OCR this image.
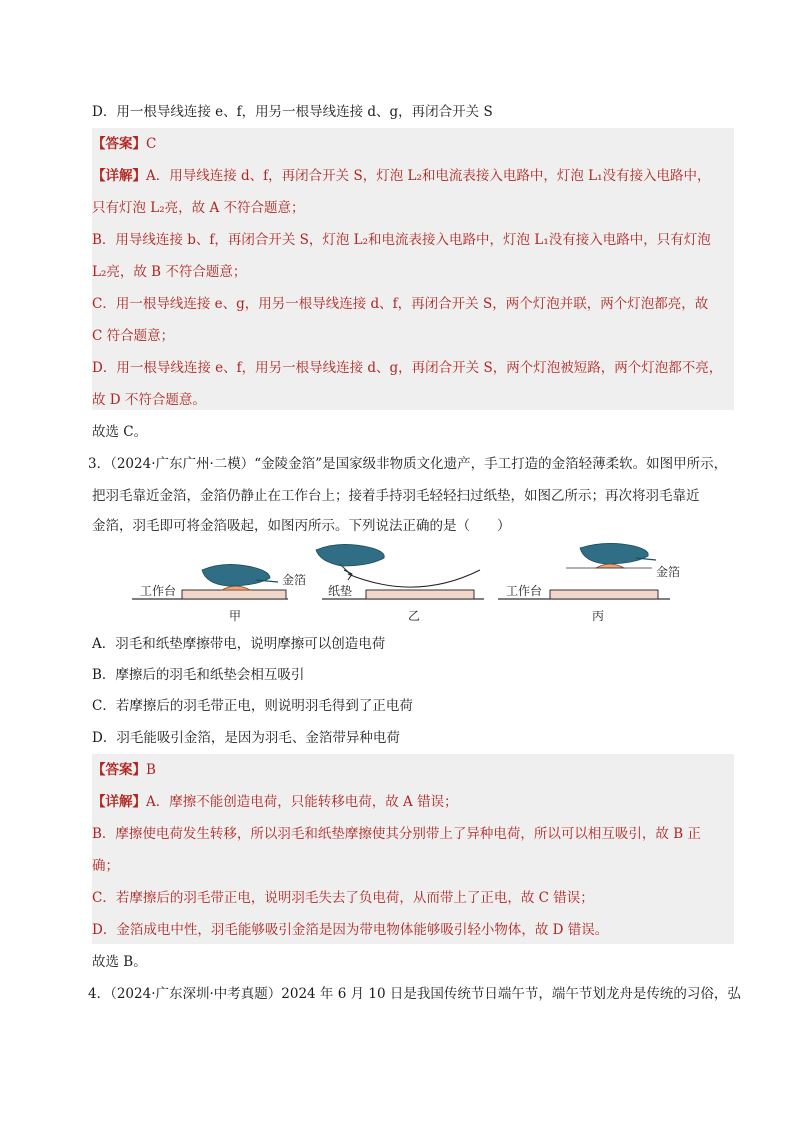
D．用一根导线连接 e、f，用另一根导线连接 d、g，再闭合开关 S
【答案】C
【详解】A．用导线连接 d、f，再闭合开关 S，灯泡 L₂和电流表接入电路中，灯泡 L₁没有接入电路中，
只有灯泡 L₂亮，故 A 不符合题意；
B．用导线连接 b、f，再闭合开关 S，灯泡 L₂和电流表接入电路中，灯泡 L₁没有接入电路中，只有灯泡
L₂亮，故 B 不符合题意；
C．用一根导线连接 e、g，用另一根导线连接 d、f，再闭合开关 S，两个灯泡并联，两个灯泡都亮，故
C 符合题意；
D．用一根导线连接 e、f，用另一根导线连接 d、g，再闭合开关 S，两个灯泡被短路，两个灯泡都不亮，
故 D 不符合题意。
故选 C。
3．（2024·广东广州·二模）“金陵金箔”是国家级非物质文化遗产，手工打造的金箔轻薄柔软。如图甲所示，
把羽毛靠近金箔，金箔仍静止在工作台上；接着手持羽毛轻轻扫过纸垫，如图乙所示；再次将羽毛靠近
金箔，羽毛即可将金箔吸起，如图丙所示。下列说法正确的是（　　）
工作台
金箔
甲
纸垫
乙
工作台
金箔
丙
A．羽毛和纸垫摩擦带电，说明摩擦可以创造电荷
B．摩擦后的羽毛和纸垫会相互吸引
C．若摩擦后的羽毛带正电，则说明羽毛得到了正电荷
D．羽毛能吸引金箔，是因为羽毛、金箔带异种电荷
【答案】B
【详解】A．摩擦不能创造电荷，只能转移电荷，故 A 错误；
B．摩擦使电荷发生转移，所以羽毛和纸垫摩擦使其分别带上了异种电荷，所以可以相互吸引，故 B 正
确；
C．若摩擦后的羽毛带正电，说明羽毛失去了负电荷，从而带上了正电，故 C 错误；
D．金箔成电中性，羽毛能够吸引金箔是因为带电物体能够吸引轻小物体，故 D 错误。
故选 B。
4．（2024·广东深圳·中考真题）2024 年 6 月 10 日是我国传统节日端午节，端午节划龙舟是传统的习俗，弘
